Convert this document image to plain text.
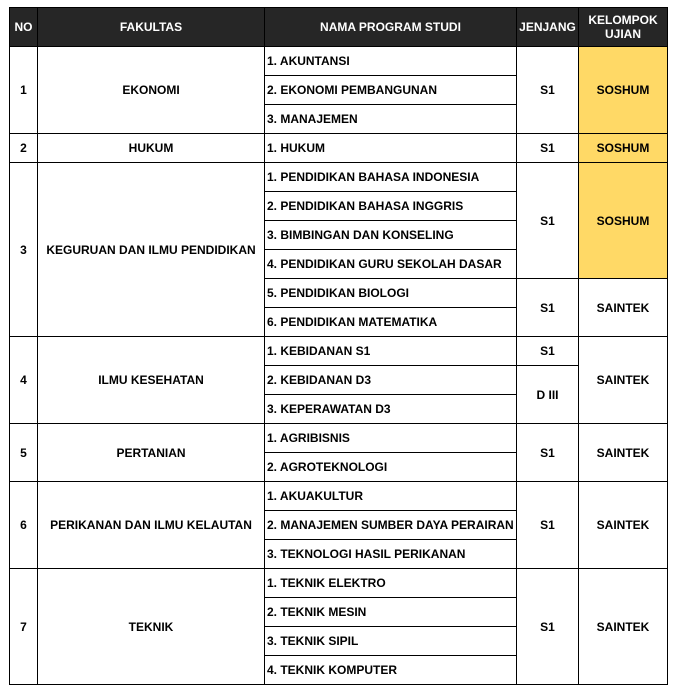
NO	FAKULTAS	NAMA PROGRAM STUDI	JENJANG	KELOMPOK UJIAN
1	EKONOMI	1. AKUNTANSI	S1	SOSHUM
		2. EKONOMI PEMBANGUNAN		
		3. MANAJEMEN		
2	HUKUM	1. HUKUM	S1	SOSHUM
3	KEGURUAN DAN ILMU PENDIDIKAN	1. PENDIDIKAN BAHASA INDONESIA	S1	SOSHUM
		2. PENDIDIKAN BAHASA INGGRIS		
		3. BIMBINGAN DAN KONSELING		
		4. PENDIDIKAN GURU SEKOLAH DASAR		
		5. PENDIDIKAN BIOLOGI	S1	SAINTEK
		6. PENDIDIKAN MATEMATIKA		
4	ILMU KESEHATAN	1. KEBIDANAN S1	S1	SAINTEK
		2. KEBIDANAN D3	D III	
		3. KEPERAWATAN D3		
5	PERTANIAN	1. AGRIBISNIS	S1	SAINTEK
		2. AGROTEKNOLOGI		
6	PERIKANAN DAN ILMU KELAUTAN	1. AKUAKULTUR	S1	SAINTEK
		2. MANAJEMEN SUMBER DAYA PERAIRAN		
		3. TEKNOLOGI HASIL PERIKANAN		
7	TEKNIK	1. TEKNIK ELEKTRO	S1	SAINTEK
		2. TEKNIK MESIN		
		3. TEKNIK SIPIL		
		4. TEKNIK KOMPUTER		
